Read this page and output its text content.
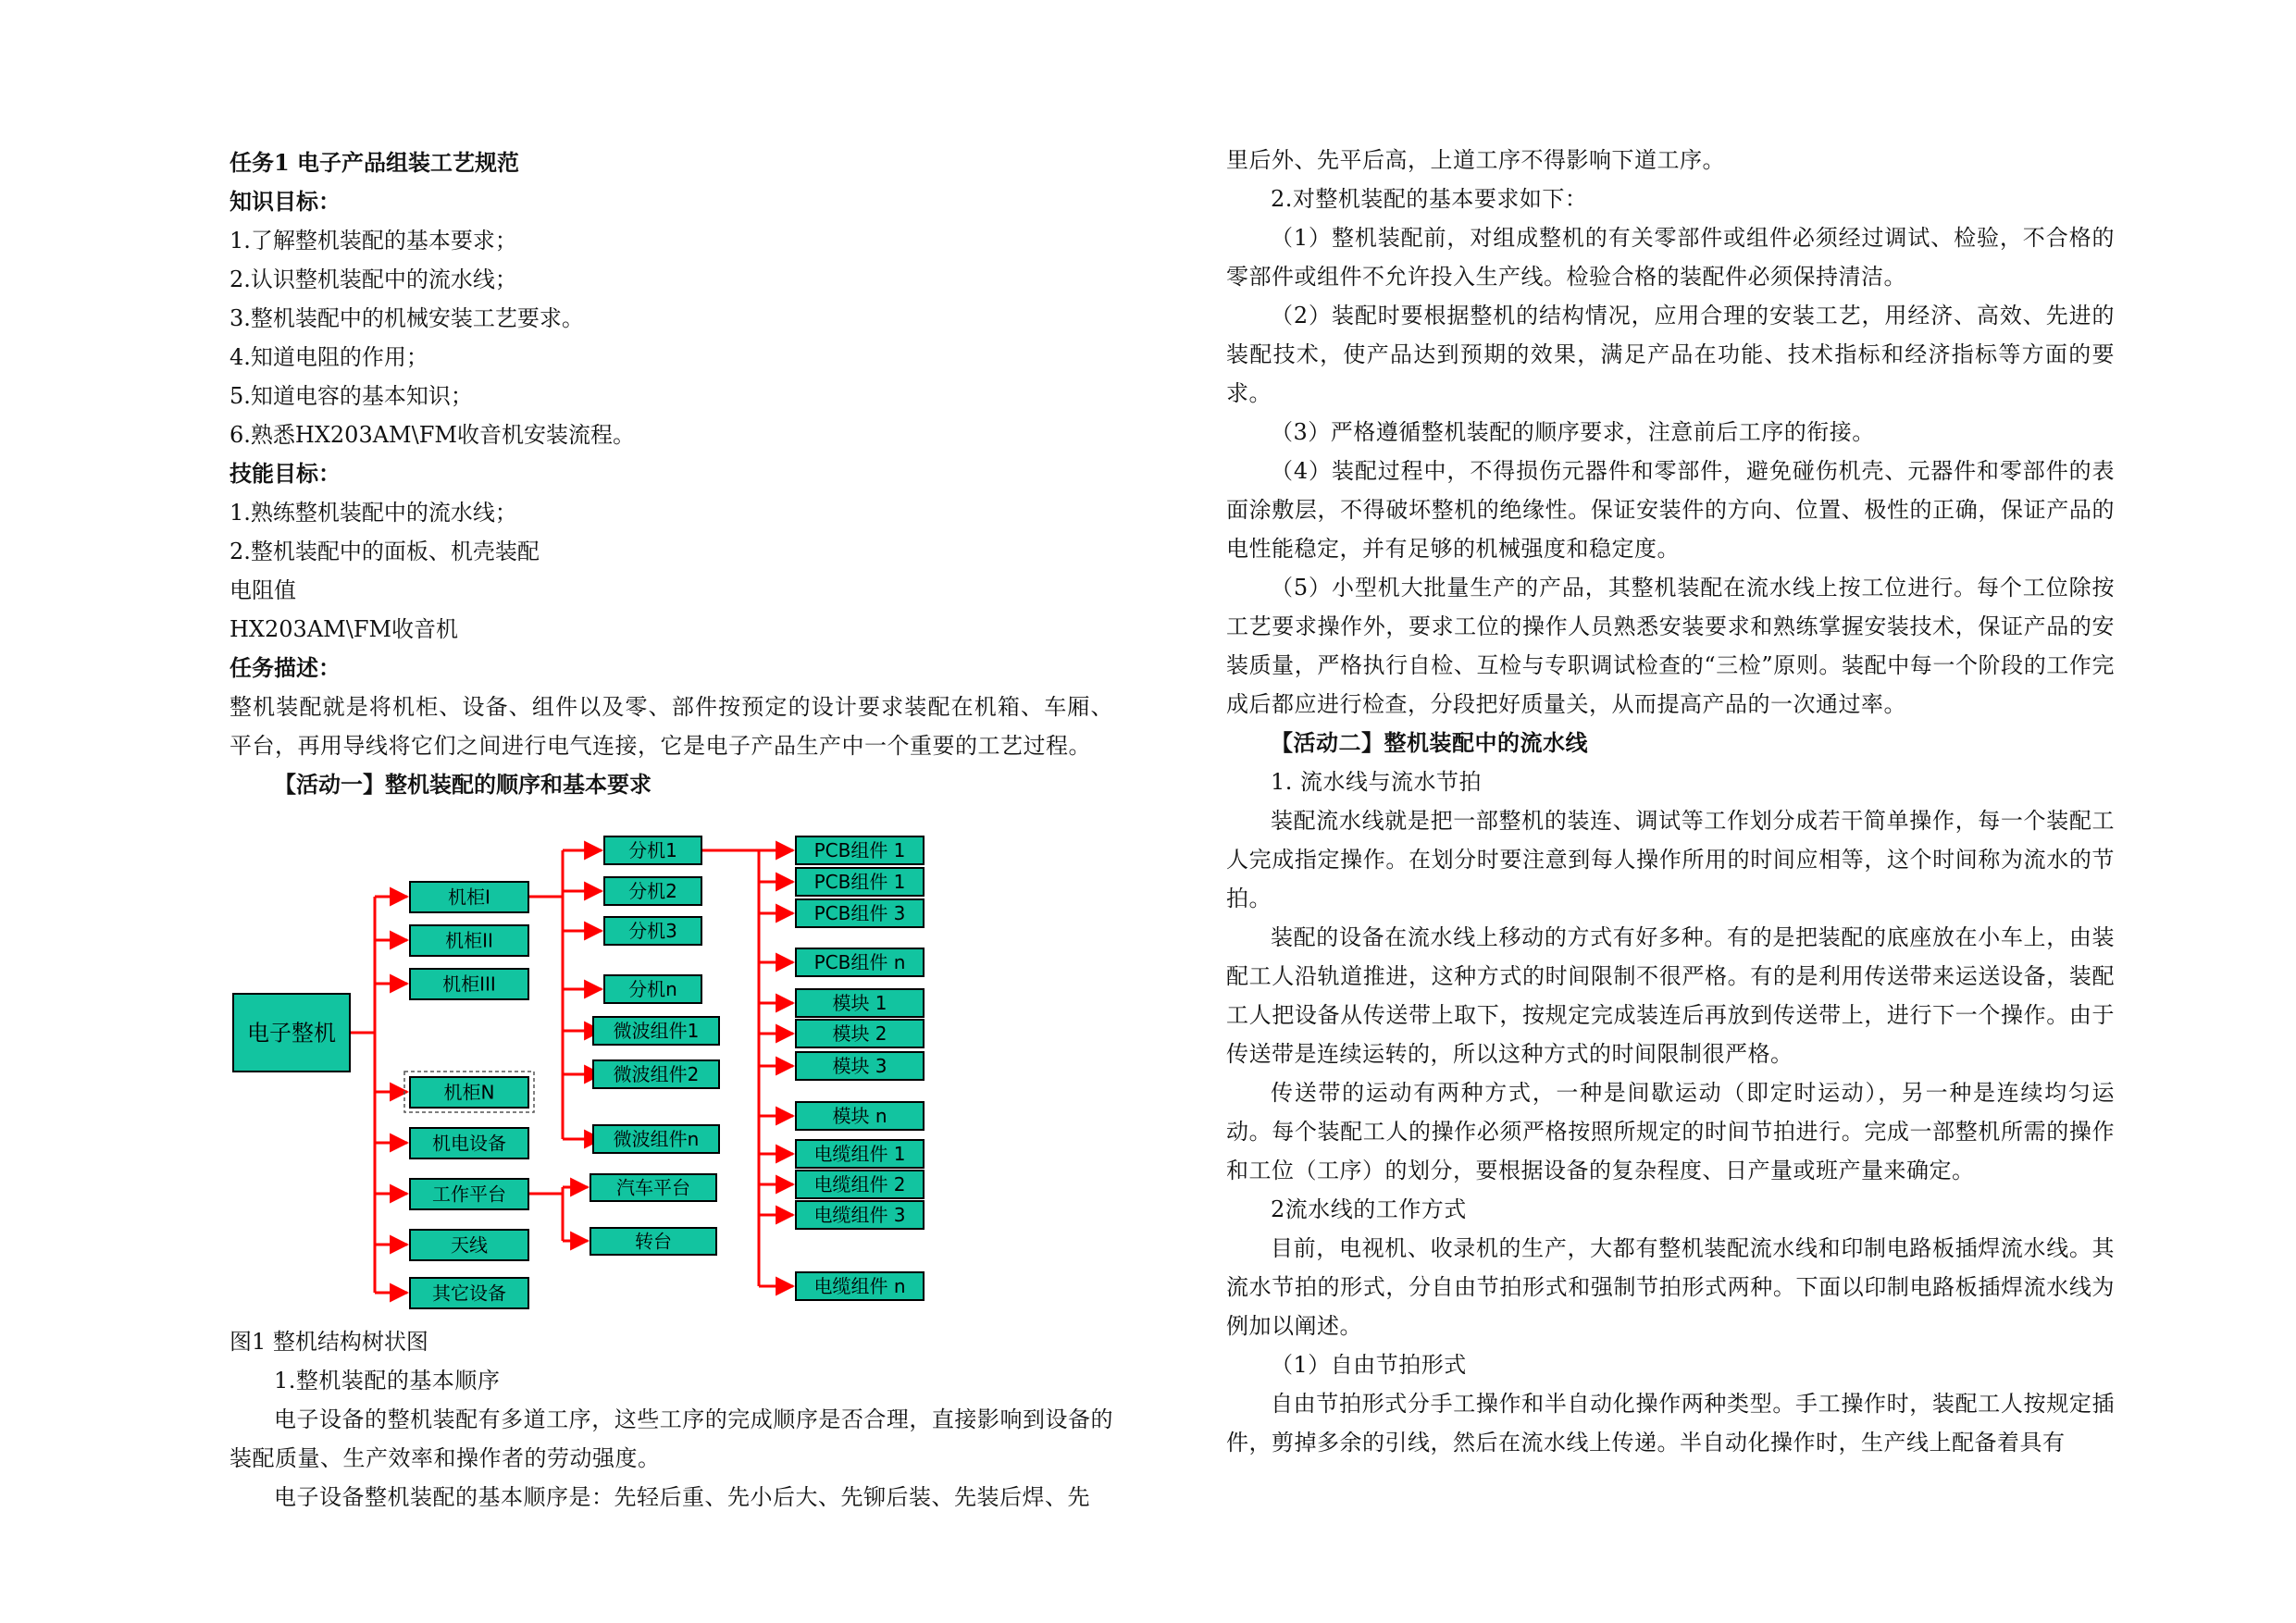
任务1 电子产品组装工艺规范

知识目标：

1.了解整机装配的基本要求；

2.认识整机装配中的流水线；

3.整机装配中的机械安装工艺要求。

4.知道电阻的作用；

5.知道电容的基本知识；

6.熟悉HX203AM\FM收音机安装流程。

技能目标：

1.熟练整机装配中的流水线；

2.整机装配中的面板、机壳装配

电阻值

HX203AM\FM收音机

任务描述：

整机装配就是将机柜、设备、组件以及零、部件按预定的设计要求装配在机箱、车厢、平台，再用导线将它们之间进行电气连接，它是电子产品生产中一个重要的工艺过程。

【活动一】整机装配的顺序和基本要求

电子整机
机柜I
机柜II
机柜III
机柜N
机电设备
工作平台
天线
其它设备
分机1
分机2
分机3
分机n
微波组件1
微波组件2
微波组件n
汽车平台
转台
PCB组件 1
PCB组件 1
PCB组件 3
PCB组件 n
模块 1
模块 2
模块 3
模块 n
电缆组件 1
电缆组件 2
电缆组件 3
电缆组件 n

图1 整机结构树状图

1.整机装配的基本顺序

电子设备的整机装配有多道工序，这些工序的完成顺序是否合理，直接影响到设备的装配质量、生产效率和操作者的劳动强度。

电子设备整机装配的基本顺序是：先轻后重、先小后大、先铆后装、先装后焊、先

里后外、先平后高，上道工序不得影响下道工序。

2.对整机装配的基本要求如下：

（1）整机装配前，对组成整机的有关零部件或组件必须经过调试、检验，不合格的零部件或组件不允许投入生产线。检验合格的装配件必须保持清洁。

（2）装配时要根据整机的结构情况，应用合理的安装工艺，用经济、高效、先进的装配技术，使产品达到预期的效果，满足产品在功能、技术指标和经济指标等方面的要求。

（3）严格遵循整机装配的顺序要求，注意前后工序的衔接。

（4）装配过程中，不得损伤元器件和零部件，避免碰伤机壳、元器件和零部件的表面涂敷层，不得破坏整机的绝缘性。保证安装件的方向、位置、极性的正确，保证产品的电性能稳定，并有足够的机械强度和稳定度。

（5）小型机大批量生产的产品，其整机装配在流水线上按工位进行。每个工位除按工艺要求操作外，要求工位的操作人员熟悉安装要求和熟练掌握安装技术，保证产品的安装质量，严格执行自检、互检与专职调试检查的“三检”原则。装配中每一个阶段的工作完成后都应进行检查，分段把好质量关，从而提高产品的一次通过率。

【活动二】整机装配中的流水线

1. 流水线与流水节拍

装配流水线就是把一部整机的装连、调试等工作划分成若干简单操作，每一个装配工人完成指定操作。在划分时要注意到每人操作所用的时间应相等，这个时间称为流水的节拍。

装配的设备在流水线上移动的方式有好多种。有的是把装配的底座放在小车上，由装配工人沿轨道推进，这种方式的时间限制不很严格。有的是利用传送带来运送设备，装配工人把设备从传送带上取下，按规定完成装连后再放到传送带上，进行下一个操作。由于传送带是连续运转的，所以这种方式的时间限制很严格。

传送带的运动有两种方式，一种是间歇运动（即定时运动），另一种是连续均匀运动。每个装配工人的操作必须严格按照所规定的时间节拍进行。完成一部整机所需的操作和工位（工序）的划分，要根据设备的复杂程度、日产量或班产量来确定。

2流水线的工作方式

目前，电视机、收录机的生产，大都有整机装配流水线和印制电路板插焊流水线。其流水节拍的形式，分自由节拍形式和强制节拍形式两种。下面以印制电路板插焊流水线为例加以阐述。

（1）自由节拍形式

自由节拍形式分手工操作和半自动化操作两种类型。手工操作时，装配工人按规定插件，剪掉多余的引线，然后在流水线上传递。半自动化操作时，生产线上配备着具有
